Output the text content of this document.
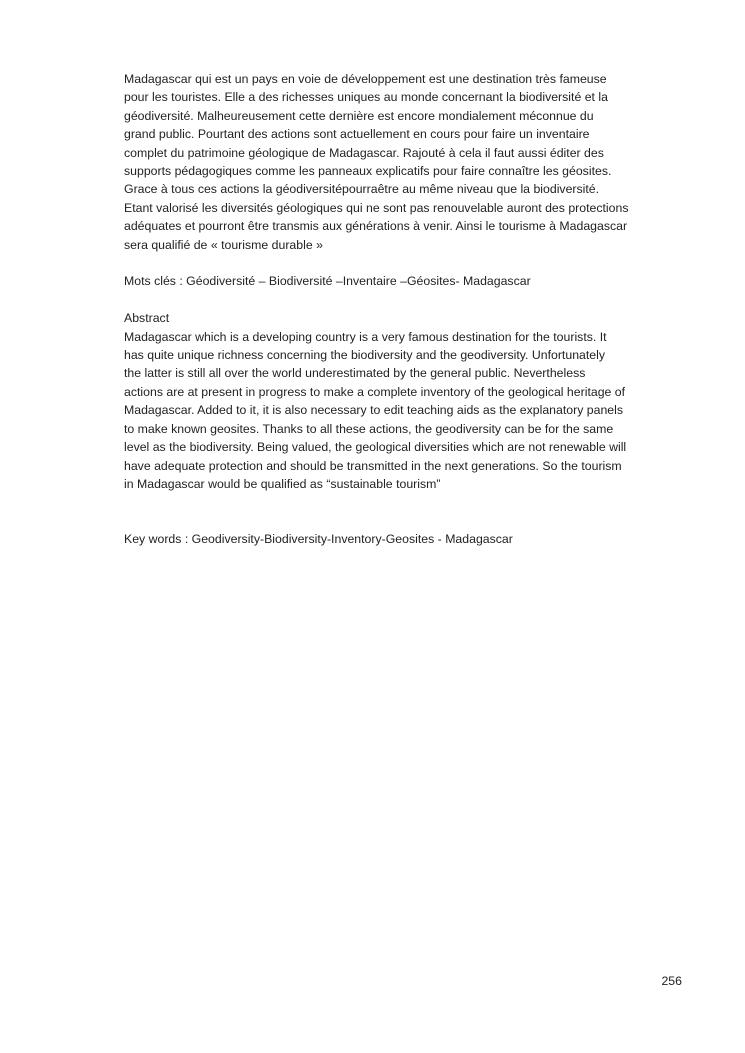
Madagascar qui est un pays en voie de développement est une destination très fameuse
pour les touristes. Elle a des richesses uniques au monde concernant la biodiversité et la
géodiversité. Malheureusement cette dernière est encore mondialement méconnue du
grand public. Pourtant des actions sont actuellement en cours pour faire un inventaire
complet du patrimoine géologique de Madagascar. Rajouté à cela il faut aussi éditer des
supports pédagogiques comme les panneaux explicatifs pour faire connaître les géosites.
Grace à tous ces actions la géodiversitépourraêtre au même niveau que la biodiversité.
Etant valorisé les diversités géologiques qui ne sont pas renouvelable auront des protections
adéquates et pourront être transmis aux générations à venir. Ainsi le tourisme à Madagascar
sera qualifié de « tourisme durable »
Mots clés : Géodiversité – Biodiversité –Inventaire –Géosites- Madagascar
Abstract
Madagascar which is a developing country is a very famous destination for the tourists. It
has quite unique richness concerning the biodiversity and the geodiversity. Unfortunately
the latter is still all over the world underestimated by the general public. Nevertheless
actions are at present in progress to make a complete inventory of the geological heritage of
Madagascar. Added to it, it is also necessary to edit teaching aids as the explanatory panels
to make known geosites. Thanks to all these actions, the geodiversity can be for the same
level as the biodiversity. Being valued, the geological diversities which are not renewable will
have adequate protection and should be transmitted in the next generations. So the tourism
in Madagascar would be qualified as “sustainable tourism”
Key words : Geodiversity-Biodiversity-Inventory-Geosites - Madagascar
256
